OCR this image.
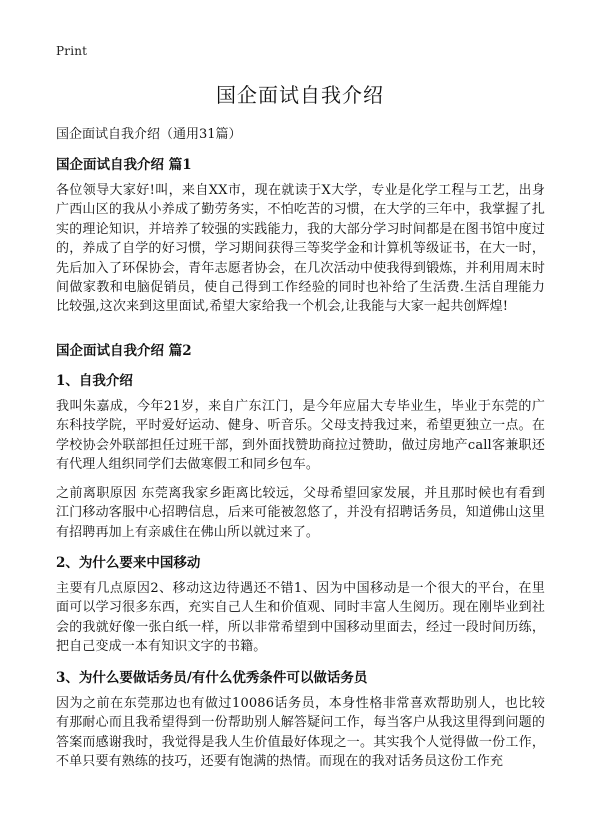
Print
国企面试自我介绍

国企面试自我介绍（通用31篇）

国企面试自我介绍 篇1

各位领导大家好!叫，来自XX市，现在就读于X大学，专业是化学工程与工艺，出身广西山区的我从小养成了勤劳务实，不怕吃苦的习惯，在大学的三年中，我掌握了扎实的理论知识，并培养了较强的实践能力，我的大部分学习时间都是在图书馆中度过的，养成了自学的好习惯，学习期间获得三等奖学金和计算机等级证书，在大一时，先后加入了环保协会，青年志愿者协会，在几次活动中使我得到锻炼，并利用周末时间做家教和电脑促销员，使自己得到工作经验的同时也补给了生活费.生活自理能力比较强,这次来到这里面试,希望大家给我一个机会,让我能与大家一起共创辉煌!

国企面试自我介绍 篇2
1、自我介绍

我叫朱嘉成，今年21岁，来自广东江门，是今年应届大专毕业生，毕业于东莞的广东科技学院，平时爱好运动、健身、听音乐。父母支持我过来，希望更独立一点。在学校协会外联部担任过班干部，到外面找赞助商拉过赞助，做过房地产call客兼职还有代理人组织同学们去做寒假工和同乡包车。

之前离职原因 东莞离我家乡距离比较远，父母希望回家发展，并且那时候也有看到江门移动客服中心招聘信息，后来可能被忽悠了，并没有招聘话务员，知道佛山这里有招聘再加上有亲戚住在佛山所以就过来了。

2、为什么要来中国移动

主要有几点原因2、移动这边待遇还不错1、因为中国移动是一个很大的平台，在里面可以学习很多东西，充实自己人生和价值观、同时丰富人生阅历。现在刚毕业到社会的我就好像一张白纸一样，所以非常希望到中国移动里面去，经过一段时间历练，把自己变成一本有知识文字的书籍。

3、为什么要做话务员/有什么优秀条件可以做话务员

因为之前在东莞那边也有做过10086话务员，本身性格非常喜欢帮助别人，也比较有那耐心而且我希望得到一份帮助别人解答疑问工作，每当客户从我这里得到问题的答案而感谢我时，我觉得是我人生价值最好体现之一。其实我个人觉得做一份工作，不单只要有熟练的技巧，还要有饱满的热情。而现在的我对话务员这份工作充
